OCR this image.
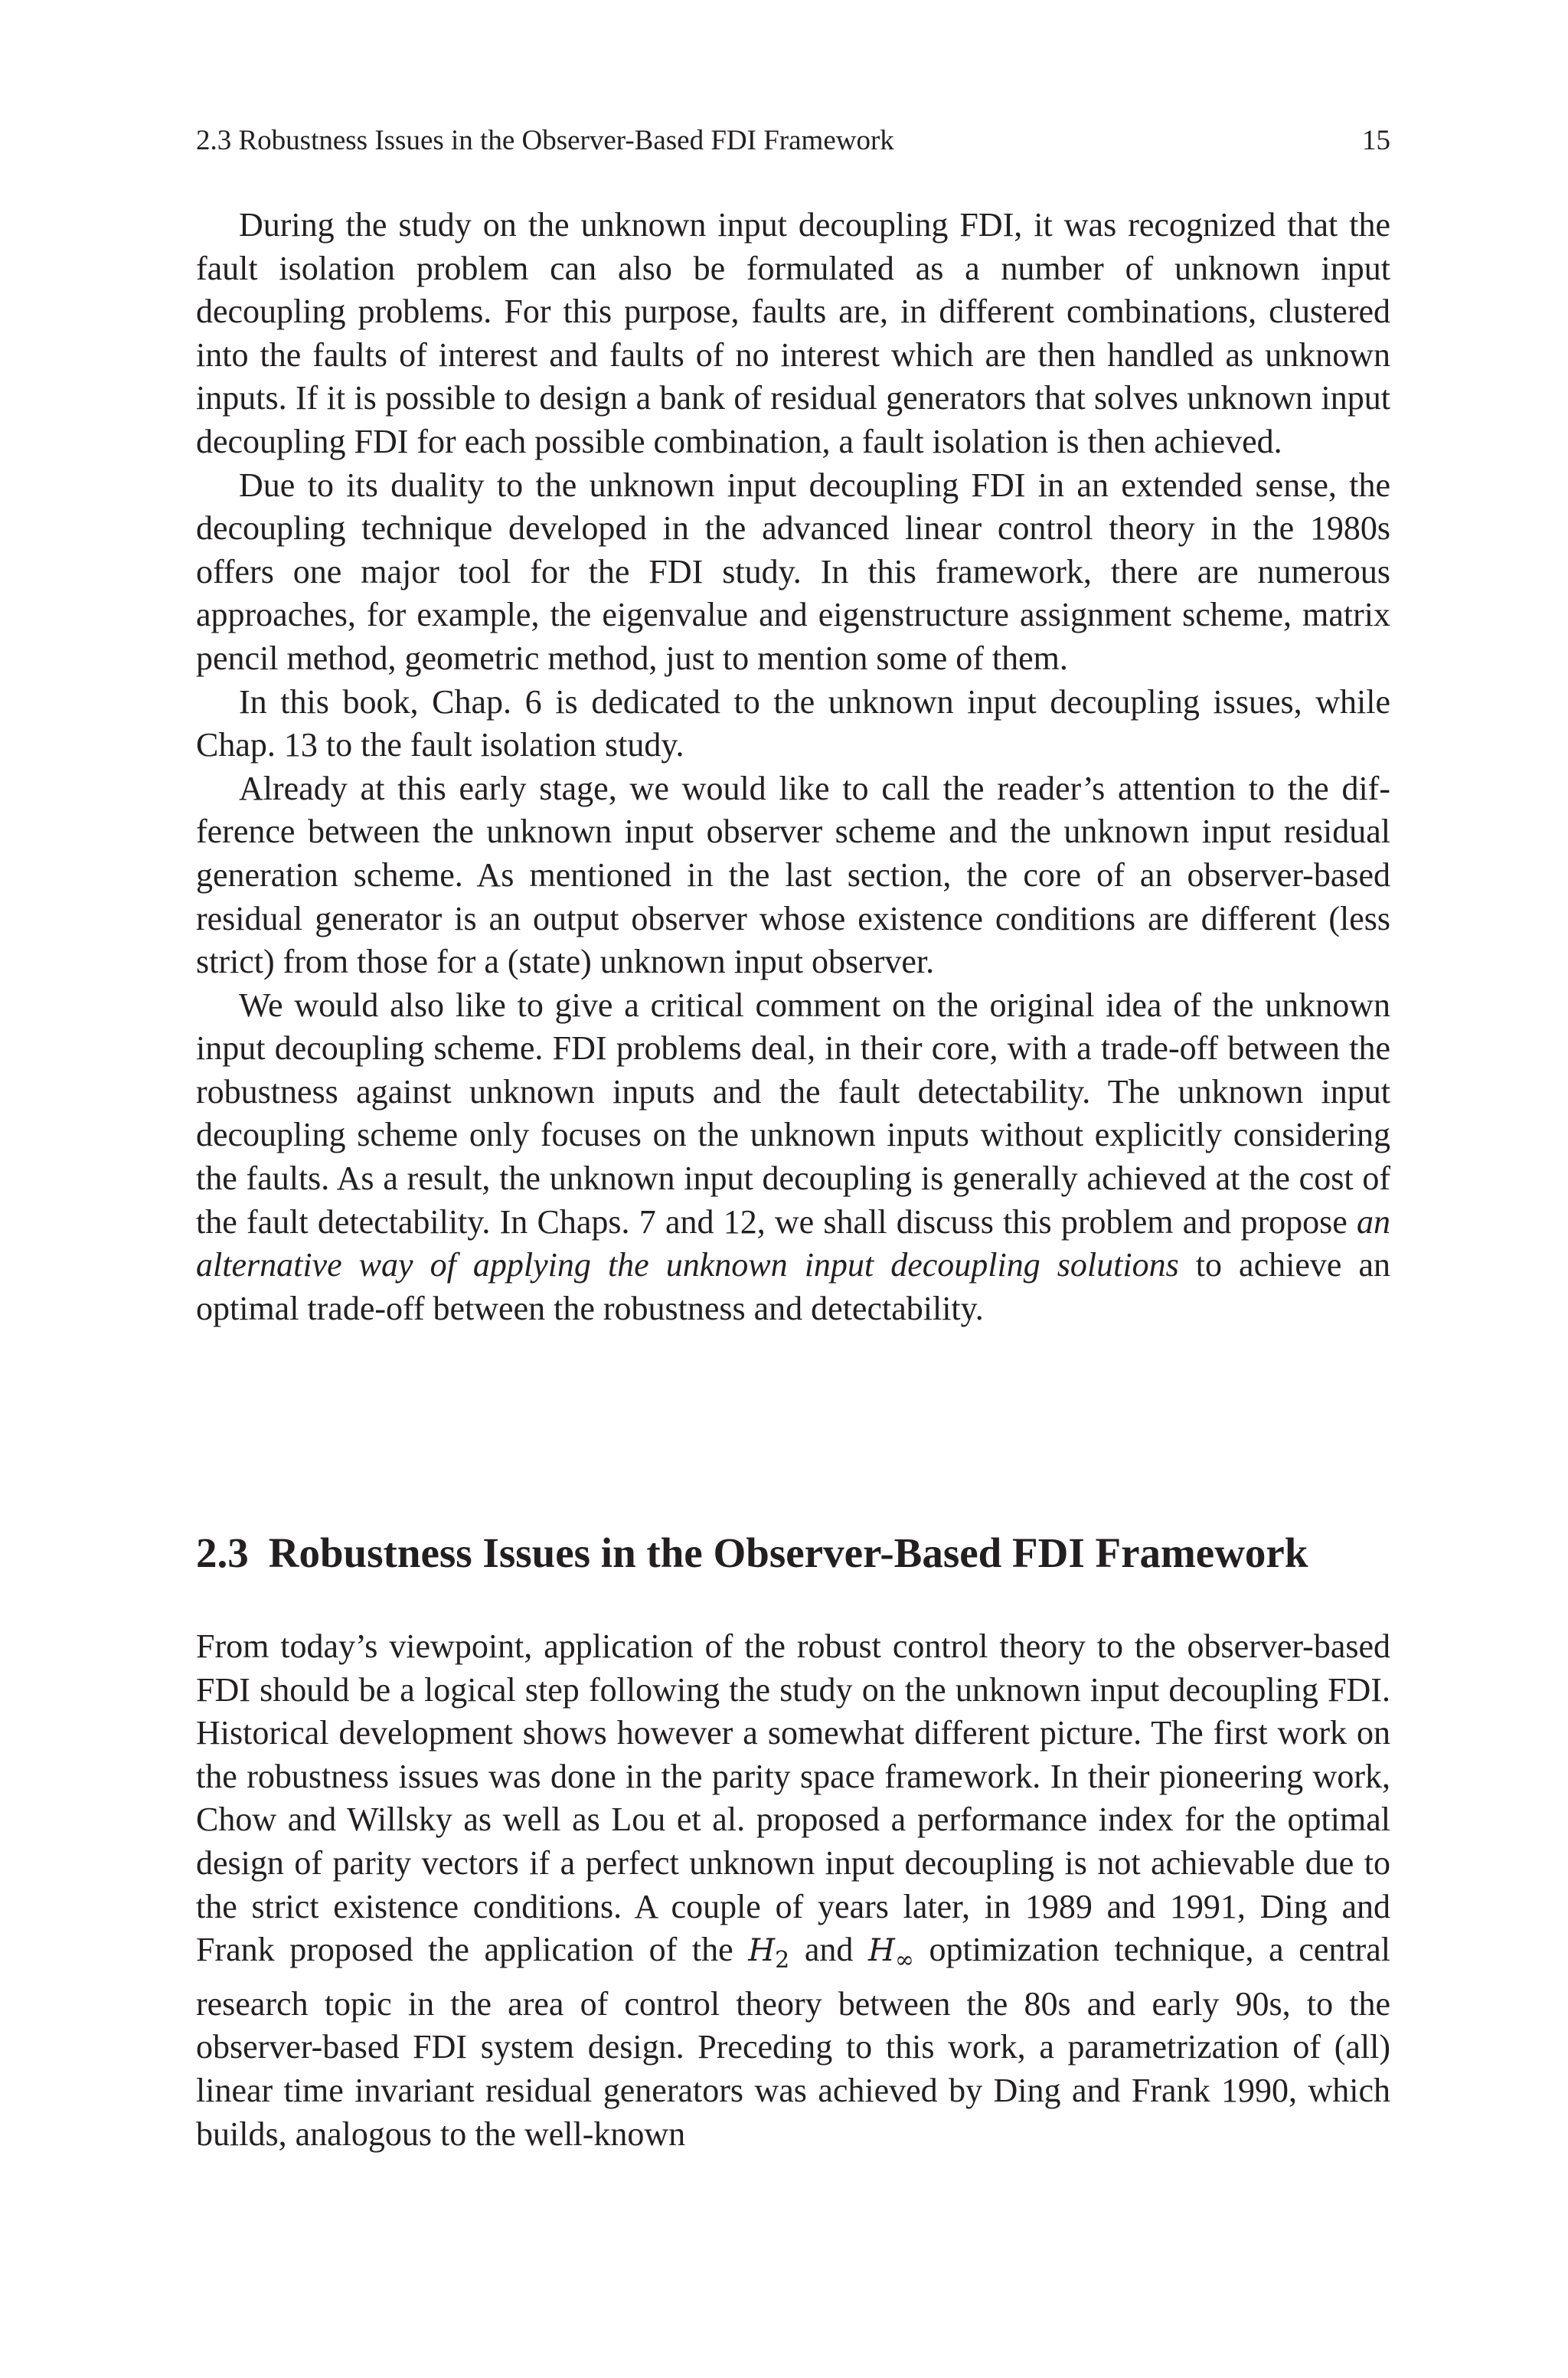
2.3 Robustness Issues in the Observer-Based FDI Framework	15

During the study on the unknown input decoupling FDI, it was recognized that the fault isolation problem can also be formulated as a number of unknown input decoupling problems. For this purpose, faults are, in different combinations, clustered into the faults of interest and faults of no interest which are then handled as unknown inputs. If it is possible to design a bank of residual generators that solves unknown input decoupling FDI for each possible combination, a fault isolation is then achieved.

Due to its duality to the unknown input decoupling FDI in an extended sense, the decoupling technique developed in the advanced linear control theory in the 1980s offers one major tool for the FDI study. In this framework, there are numerous approaches, for example, the eigenvalue and eigenstructure assignment scheme, matrix pencil method, geometric method, just to mention some of them.

In this book, Chap. 6 is dedicated to the unknown input decoupling issues, while Chap. 13 to the fault isolation study.

Already at this early stage, we would like to call the reader’s attention to the difference between the unknown input observer scheme and the unknown input residual generation scheme. As mentioned in the last section, the core of an observer-based residual generator is an output observer whose existence conditions are different (less strict) from those for a (state) unknown input observer.

We would also like to give a critical comment on the original idea of the unknown input decoupling scheme. FDI problems deal, in their core, with a trade-off between the robustness against unknown inputs and the fault detectability. The unknown input decoupling scheme only focuses on the unknown inputs without explicitly considering the faults. As a result, the unknown input decoupling is generally achieved at the cost of the fault detectability. In Chaps. 7 and 12, we shall discuss this problem and propose an alternative way of applying the unknown input decoupling solutions to achieve an optimal trade-off between the robustness and detectability.

2.3 Robustness Issues in the Observer-Based FDI Framework

From today’s viewpoint, application of the robust control theory to the observer-based FDI should be a logical step following the study on the unknown input decoupling FDI. Historical development shows however a somewhat different picture. The first work on the robustness issues was done in the parity space framework. In their pioneering work, Chow and Willsky as well as Lou et al. proposed a performance index for the optimal design of parity vectors if a perfect unknown input decoupling is not achievable due to the strict existence conditions. A couple of years later, in 1989 and 1991, Ding and Frank proposed the application of the $H_2$ and $H_\infty$ optimization technique, a central research topic in the area of control theory between the 80s and early 90s, to the observer-based FDI system design. Preceding to this work, a parametrization of (all) linear time invariant residual generators was achieved by Ding and Frank 1990, which builds, analogous to the well-known
